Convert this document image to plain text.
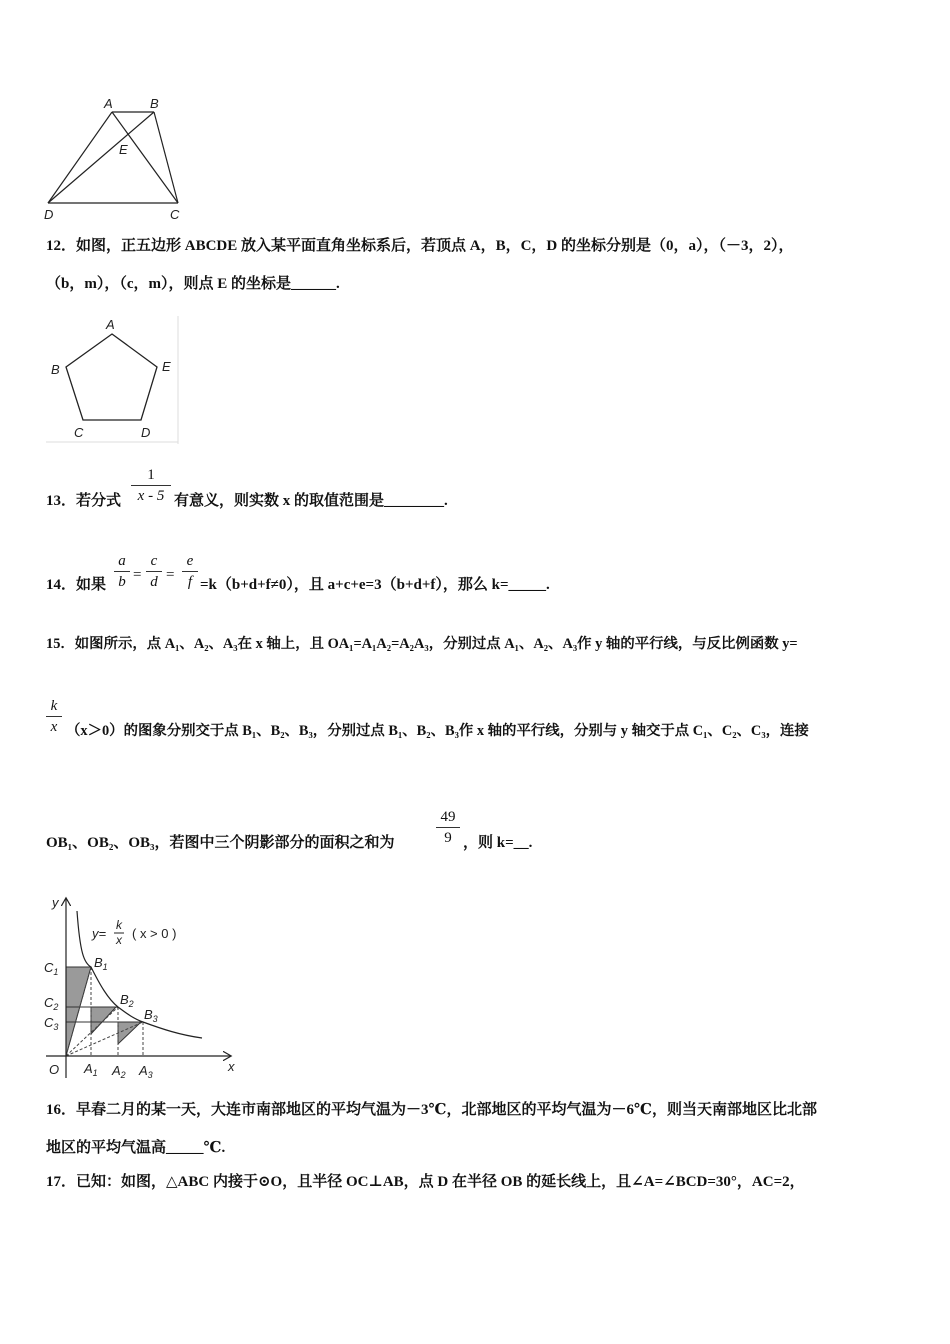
A	B
E
D	C
12．如图，正五边形 ABCDE 放入某平面直角坐标系后，若顶点 A，B，C，D 的坐标分别是（0，a），（－3，2），
（b，m），（c，m），则点 E 的坐标是______.
A
B	E
C	D
13．若分式
1
x - 5 有意义，则实数 x 的取值范围是________.
14．如果
a
b =
c
d =
e
f =k（b+d+f≠0），且 a+c+e=3（b+d+f），那么 k=_____.
15．如图所示，点 A₁、A₂、A₃在 x 轴上，且 OA₁=A₁A₂=A₂A₃，分别过点 A₁、A₂、A₃作 y 轴的平行线，与反比例函数 y=
k
x （x＞0）的图象分别交于点 B₁、B₂、B₃，分别过点 B₁、B₂、B₃作 x 轴的平行线，分别与 y 轴交于点 C₁、C₂、C₃，连接
OB₁、OB₂、OB₃，若图中三个阴影部分的面积之和为
49
9 ，则 k=__.
y
x
O
y=
k
x ( x > 0 )
$C_1$
$C_2$
$C_3$
$B_1$
$B_2$
$B_3$
$A_1$ $A_2$ $A_3$
16．早春二月的某一天，大连市南部地区的平均气温为－3℃，北部地区的平均气温为－6℃，则当天南部地区比北部
地区的平均气温高_____℃.
17．已知：如图，△ABC 内接于⊙O，且半径 OC⊥AB，点 D 在半径 OB 的延长线上，且∠A=∠BCD=30°，AC=2，
